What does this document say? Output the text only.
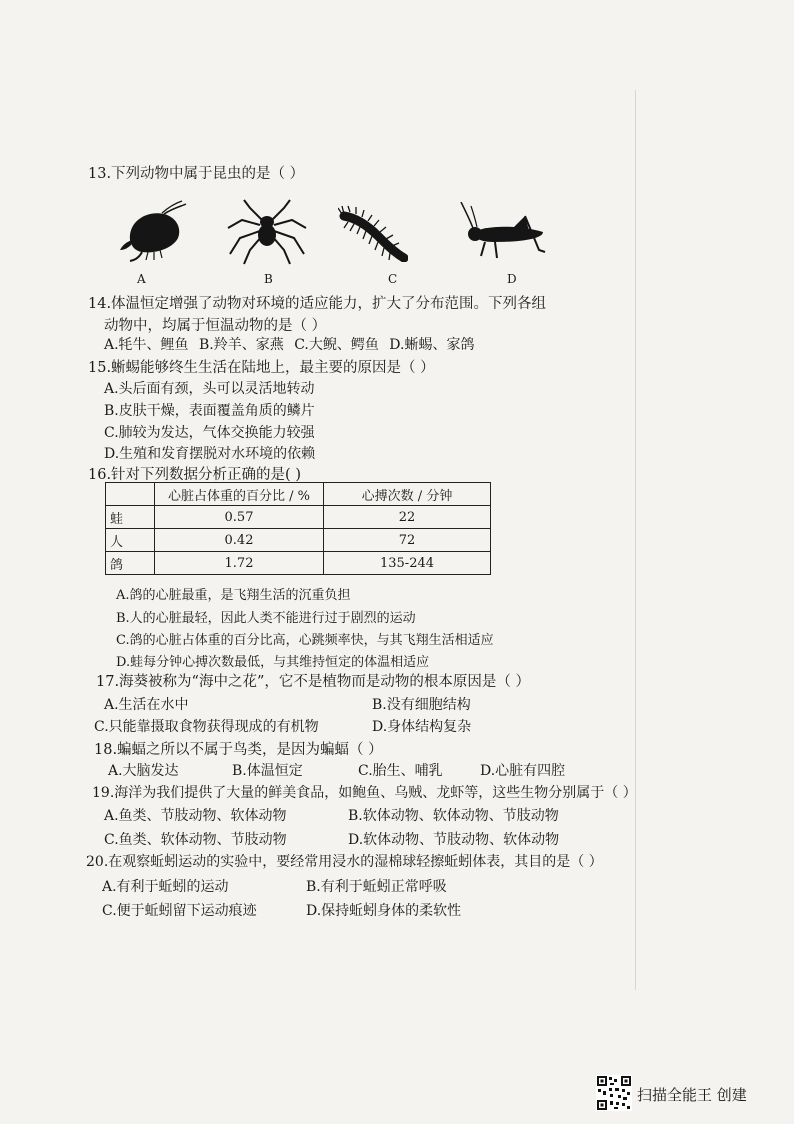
13.下列动物中属于昆虫的是（ ）
A	B	C	D
14.体温恒定增强了动物对环境的适应能力，扩大了分布范围。下列各组
动物中，均属于恒温动物的是（ ）
A.牦牛、鲤鱼 B.羚羊、家燕 C.大鲵、鳄鱼 D.蜥蜴、家鸽
15.蜥蜴能够终生生活在陆地上，最主要的原因是（ ）
A.头后面有颈，头可以灵活地转动
B.皮肤干燥，表面覆盖角质的鳞片
C.肺较为发达，气体交换能力较强
D.生殖和发育摆脱对水环境的依赖
16.针对下列数据分析正确的是( )
	心脏占体重的百分比 / %	心搏次数 / 分钟
蛙	0.57	22
人	0.42	72
鸽	1.72	135-244
A.鸽的心脏最重，是飞翔生活的沉重负担
B.人的心脏最轻，因此人类不能进行过于剧烈的运动
C.鸽的心脏占体重的百分比高，心跳频率快，与其飞翔生活相适应
D.蛙每分钟心搏次数最低，与其维持恒定的体温相适应
17.海葵被称为“海中之花”，它不是植物而是动物的根本原因是（ ）
A.生活在水中	B.没有细胞结构
C.只能靠摄取食物获得现成的有机物	D.身体结构复杂
18.蝙蝠之所以不属于鸟类，是因为蝙蝠（ ）
A.大脑发达	B.体温恒定	C.胎生、哺乳	D.心脏有四腔
19.海洋为我们提供了大量的鲜美食品，如鲍鱼、乌贼、龙虾等，这些生物分别属于（ ）
A.鱼类、节肢动物、软体动物	B.软体动物、软体动物、节肢动物
C.鱼类、软体动物、节肢动物	D.软体动物、节肢动物、软体动物
20.在观察蚯蚓运动的实验中，要经常用浸水的湿棉球轻擦蚯蚓体表，其目的是（ ）
A.有利于蚯蚓的运动	B.有利于蚯蚓正常呼吸
C.便于蚯蚓留下运动痕迹	D.保持蚯蚓身体的柔软性
扫描全能王 创建
